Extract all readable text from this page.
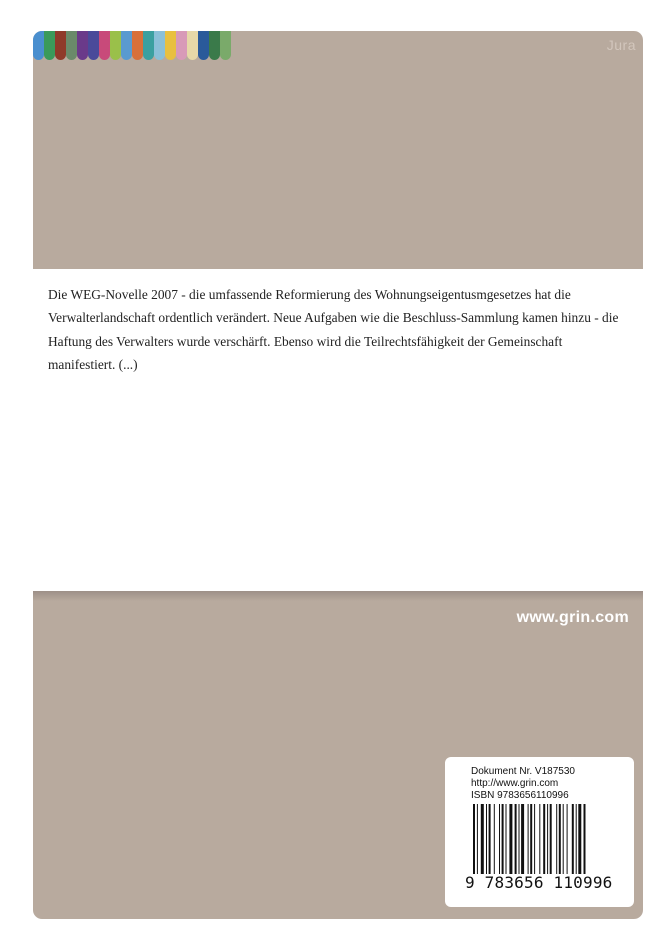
Jura

Die WEG-Novelle 2007 - die umfassende Reformierung des Wohnungseigentusmgesetzes hat die Verwalterlandschaft ordentlich verändert. Neue Aufgaben wie die Beschluss-Sammlung kamen hinzu - die Haftung des Verwalters wurde verschärft. Ebenso wird die Teilrechtsfähigkeit der Gemeinschaft manifestiert. (...)

www.grin.com
Dokument Nr. V187530
http://www.grin.com
ISBN 9783656110996
9 783656 110996
